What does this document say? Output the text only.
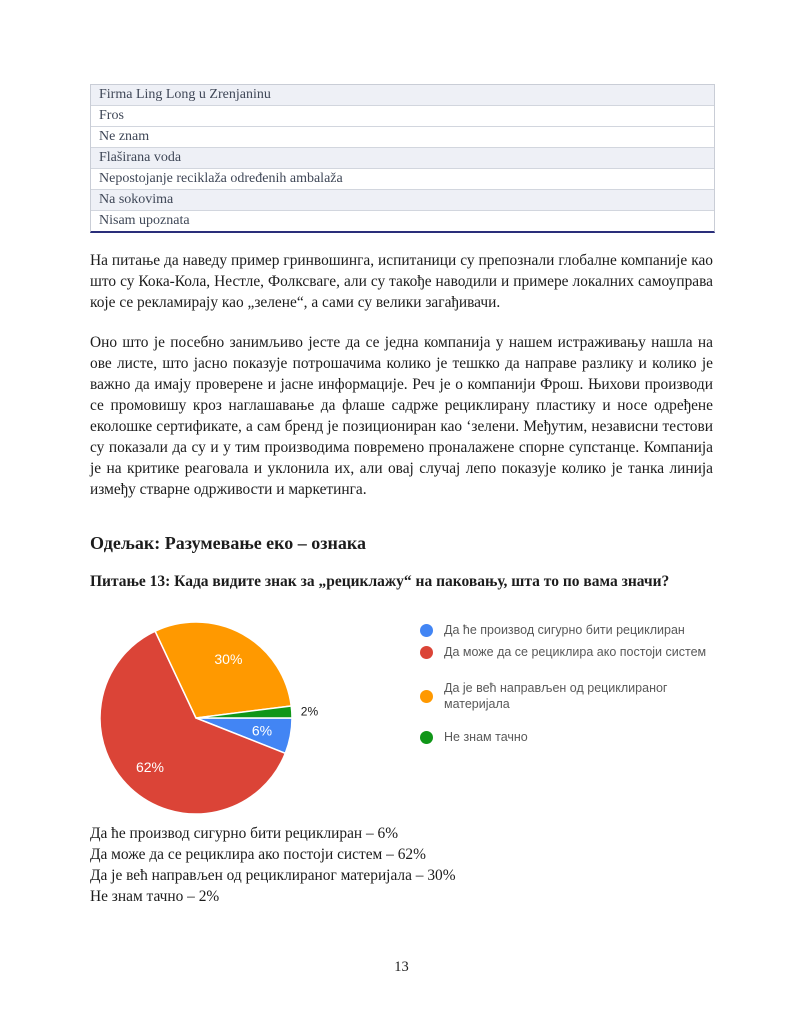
Firma Ling Long u Zrenjaninu
Fros
Ne znam
Flaširana voda
Nepostojanje reciklaža određenih ambalaža
Na sokovima
Nisam upoznata

На питање да наведу пример гринвошинга, испитаници су препознали глобалне компаније као што су Кока-Кола, Нестле, Фолксваге, али су такође наводили и примере локалних самоуправа које се рекламирају као „зелене“, а сами су велики загађивачи.

Оно што је посебно занимљиво јесте да се једна компанија у нашем истраживању нашла на ове листе, што јасно показује потрошачима колико је тешкко да направе разлику и колико је важно да имају проверене и јасне информације. Реч је о компанији Фрош. Њихови производи се промовишу кроз наглашавање да флаше садрже рециклирану пластику и носе одређене еколошке сертификате, а сам бренд је позициониран као ‘зелени. Међутим, независни тестови су показали да су и у тим производима повремено проналажене спорне супстанце. Компанија је на критике реаговала и уклонила их, али овај случај лепо показује колико је танка линија између стварне одрживости и маркетинга.

Одељак: Разумевање еко – ознака

Питање 13: Када видите знак за „рециклажу“ на паковању, шта то по вама значи?

6%
62%
30%
2%
Да ће производ сигурно бити рециклиран
Да може да се рециклира ако постоји систем
Да је већ направљен од рециклираног материјала
Не знам тачно
Да ће производ сигурно бити рециклиран – 6%
Да може да се рециклира ако постоји систем – 62%
Да је већ направљен од рециклираног материјала – 30%
Не знам тачно – 2%
13
